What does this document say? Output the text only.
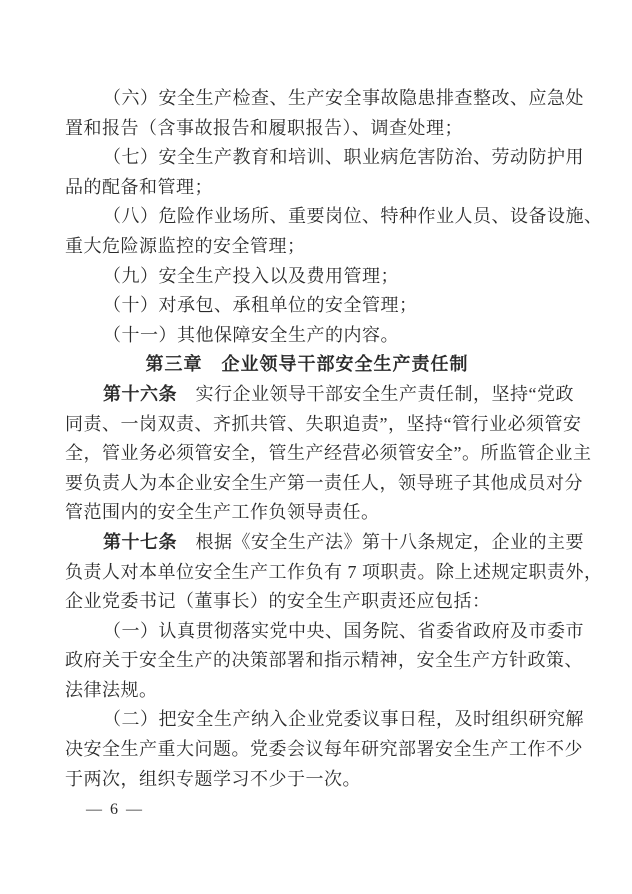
（六）安全生产检查、生产安全事故隐患排查整改、应急处
置和报告（含事故报告和履职报告）、调查处理；
（七）安全生产教育和培训、职业病危害防治、劳动防护用
品的配备和管理；
（八）危险作业场所、重要岗位、特种作业人员、设备设施、
重大危险源监控的安全管理；
（九）安全生产投入以及费用管理；
（十）对承包、承租单位的安全管理；
（十一）其他保障安全生产的内容。
第三章　企业领导干部安全生产责任制
第十六条　实行企业领导干部安全生产责任制，坚持“党政
同责、一岗双责、齐抓共管、失职追责”，坚持“管行业必须管安
全，管业务必须管安全，管生产经营必须管安全”。所监管企业主
要负责人为本企业安全生产第一责任人，领导班子其他成员对分
管范围内的安全生产工作负领导责任。
第十七条　根据《安全生产法》第十八条规定，企业的主要
负责人对本单位安全生产工作负有 7 项职责。除上述规定职责外，
企业党委书记（董事长）的安全生产职责还应包括：
（一）认真贯彻落实党中央、国务院、省委省政府及市委市
政府关于安全生产的决策部署和指示精神，安全生产方针政策、
法律法规。
（二）把安全生产纳入企业党委议事日程，及时组织研究解
决安全生产重大问题。党委会议每年研究部署安全生产工作不少
于两次，组织专题学习不少于一次。
— 6 —
